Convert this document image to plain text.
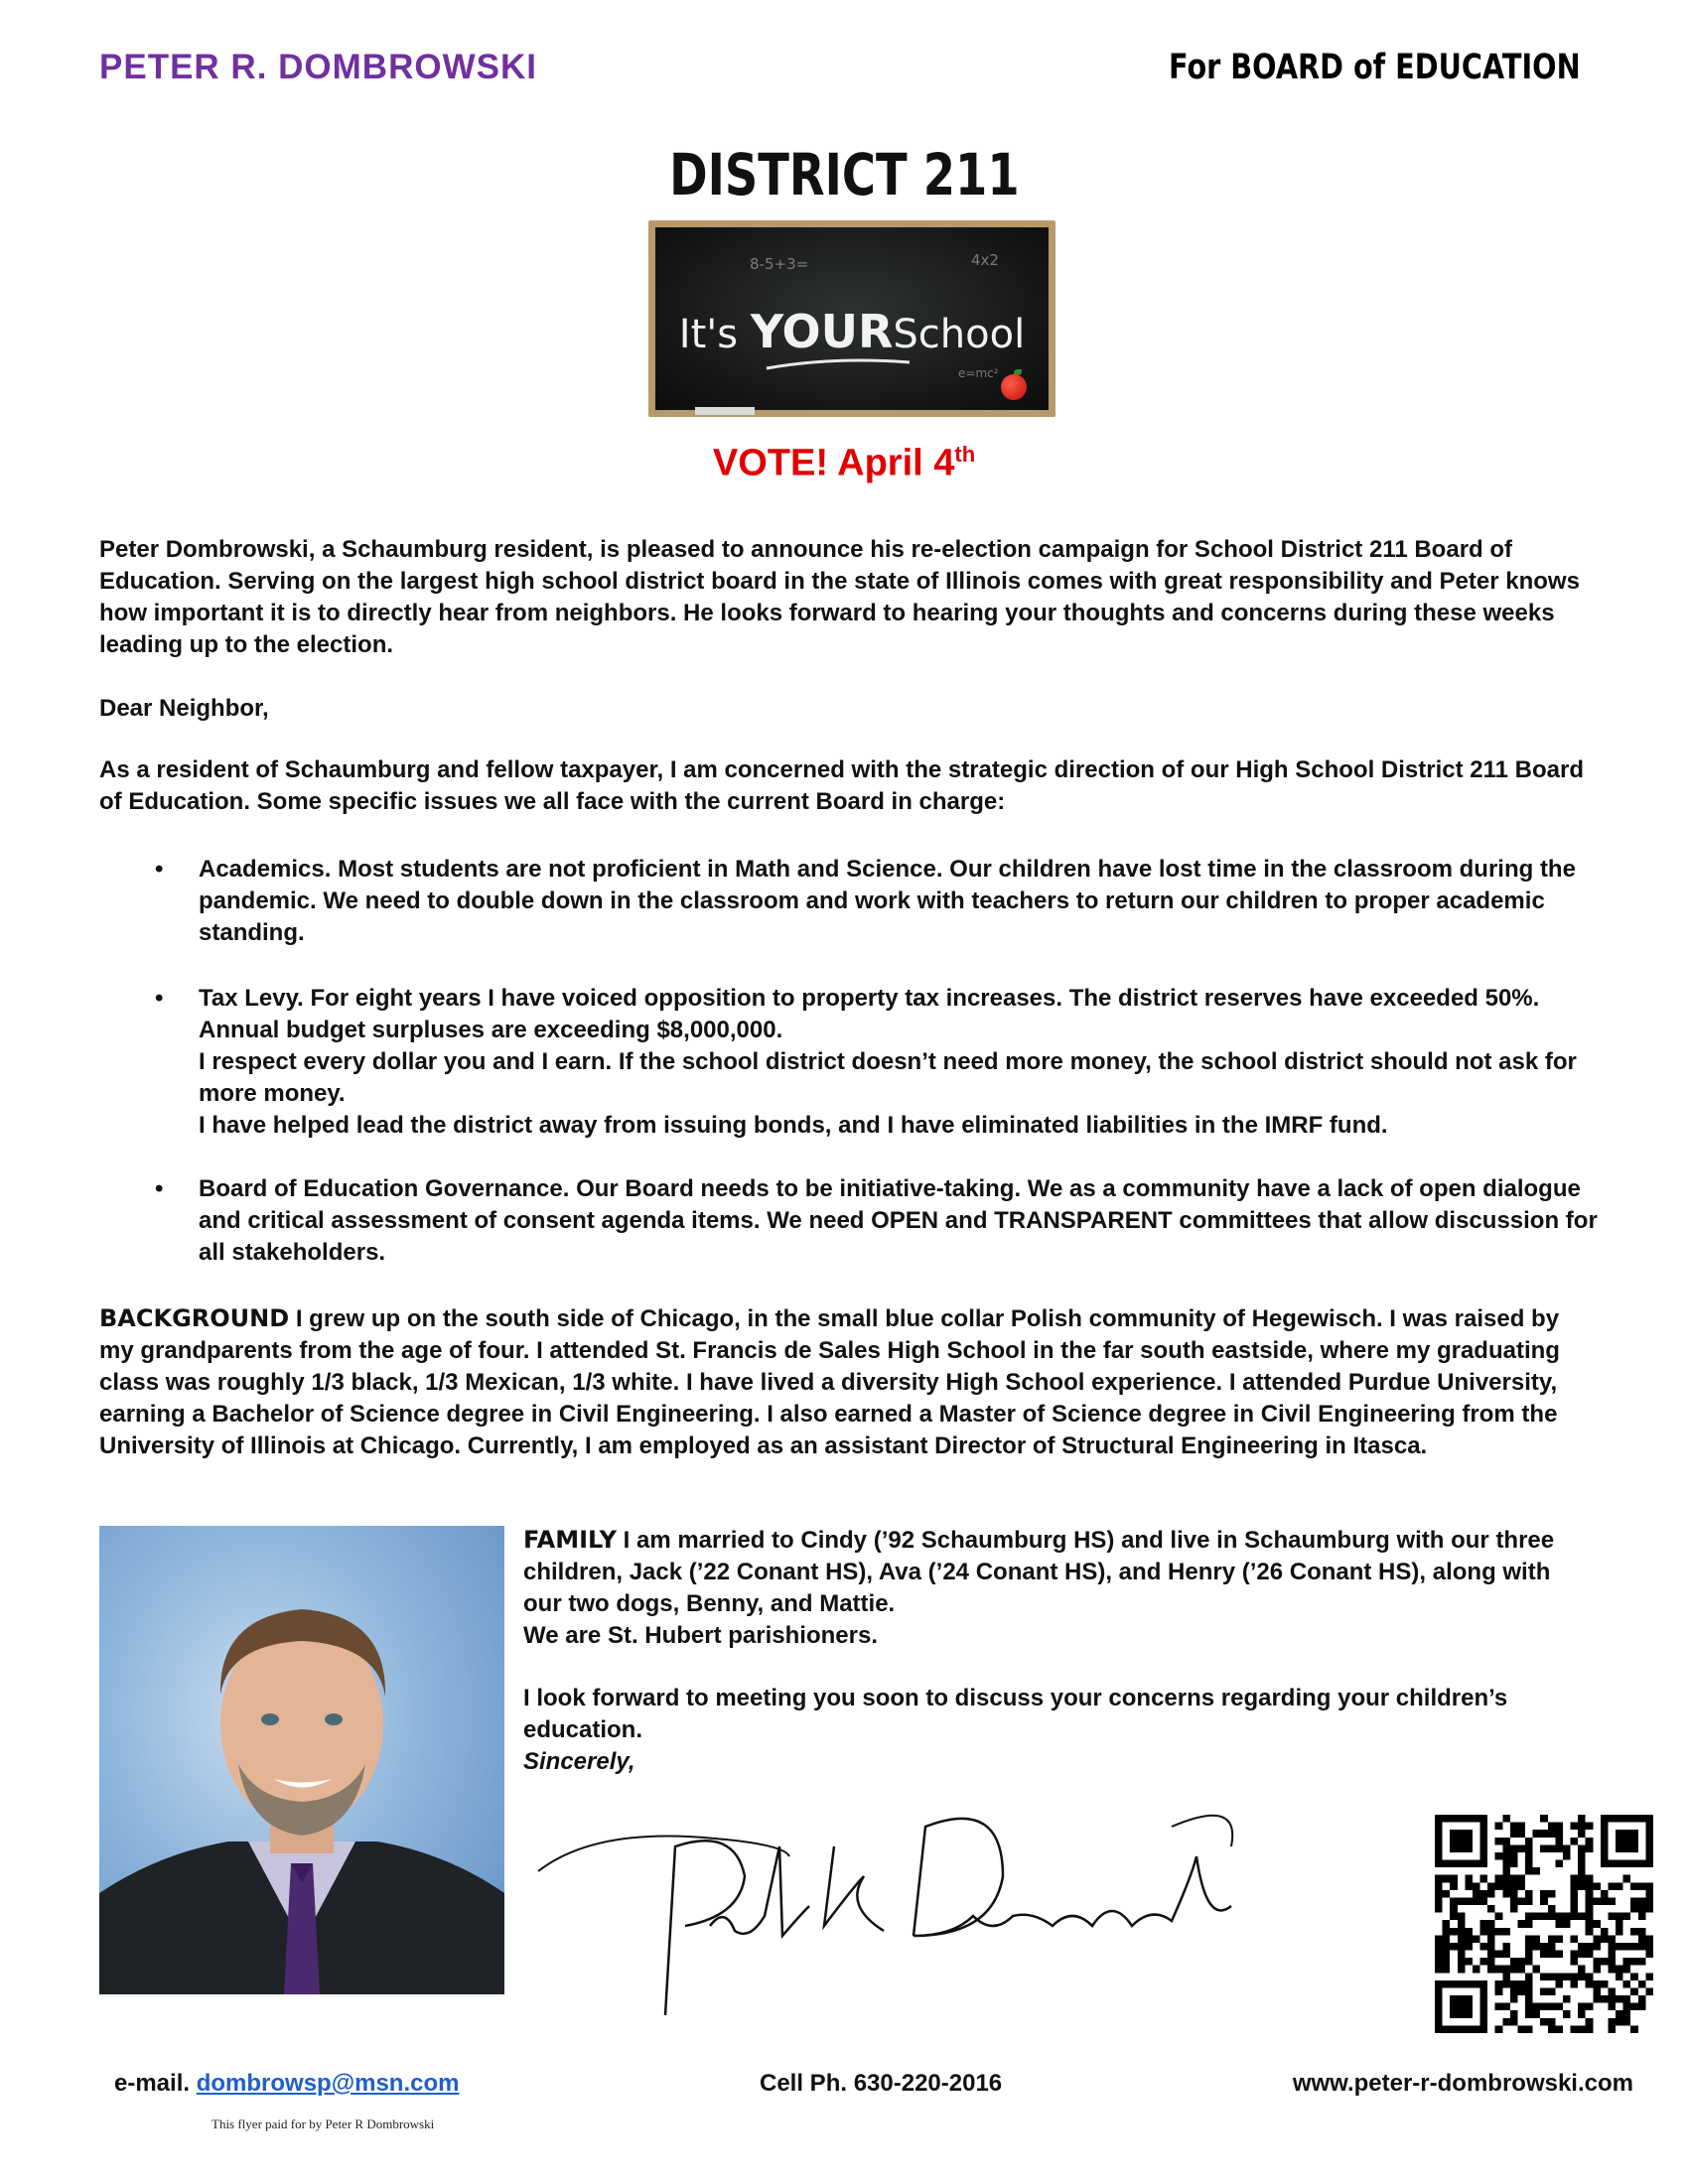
PETER R. DOMBROWSKI	For BOARD of EDUCATION
DISTRICT 211
8-5+3=	4x2
e=mc²
It's YOURSchool
VOTE! April 4th
Peter Dombrowski, a Schaumburg resident, is pleased to announce his re-election campaign for School District 211 Board of Education. Serving on the largest high school district board in the state of Illinois comes with great responsibility and Peter knows how important it is to directly hear from neighbors. He looks forward to hearing your thoughts and concerns during these weeks leading up to the election.
Dear Neighbor,
As a resident of Schaumburg and fellow taxpayer, I am concerned with the strategic direction of our High School District 211 Board of Education. Some specific issues we all face with the current Board in charge:
• Academics. Most students are not proficient in Math and Science. Our children have lost time in the classroom during the pandemic. We need to double down in the classroom and work with teachers to return our children to proper academic standing.
• Tax Levy. For eight years I have voiced opposition to property tax increases. The district reserves have exceeded 50%. Annual budget surpluses are exceeding $8,000,000.
I respect every dollar you and I earn. If the school district doesn’t need more money, the school district should not ask for more money.
I have helped lead the district away from issuing bonds, and I have eliminated liabilities in the IMRF fund.
• Board of Education Governance. Our Board needs to be initiative-taking. We as a community have a lack of open dialogue and critical assessment of consent agenda items. We need OPEN and TRANSPARENT committees that allow discussion for all stakeholders.
BACKGROUND I grew up on the south side of Chicago, in the small blue collar Polish community of Hegewisch. I was raised by my grandparents from the age of four. I attended St. Francis de Sales High School in the far south eastside, where my graduating class was roughly 1/3 black, 1/3 Mexican, 1/3 white. I have lived a diversity High School experience. I attended Purdue University, earning a Bachelor of Science degree in Civil Engineering. I also earned a Master of Science degree in Civil Engineering from the University of Illinois at Chicago. Currently, I am employed as an assistant Director of Structural Engineering in Itasca.
FAMILY I am married to Cindy (’92 Schaumburg HS) and live in Schaumburg with our three children, Jack (’22 Conant HS), Ava (’24 Conant HS), and Henry (’26 Conant HS), along with our two dogs, Benny, and Mattie.
We are St. Hubert parishioners.
I look forward to meeting you soon to discuss your concerns regarding your children’s education.
Sincerely,
e-mail. dombrowsp@msn.com	Cell Ph. 630-220-2016	www.peter-r-dombrowski.com
This flyer paid for by Peter R Dombrowski
